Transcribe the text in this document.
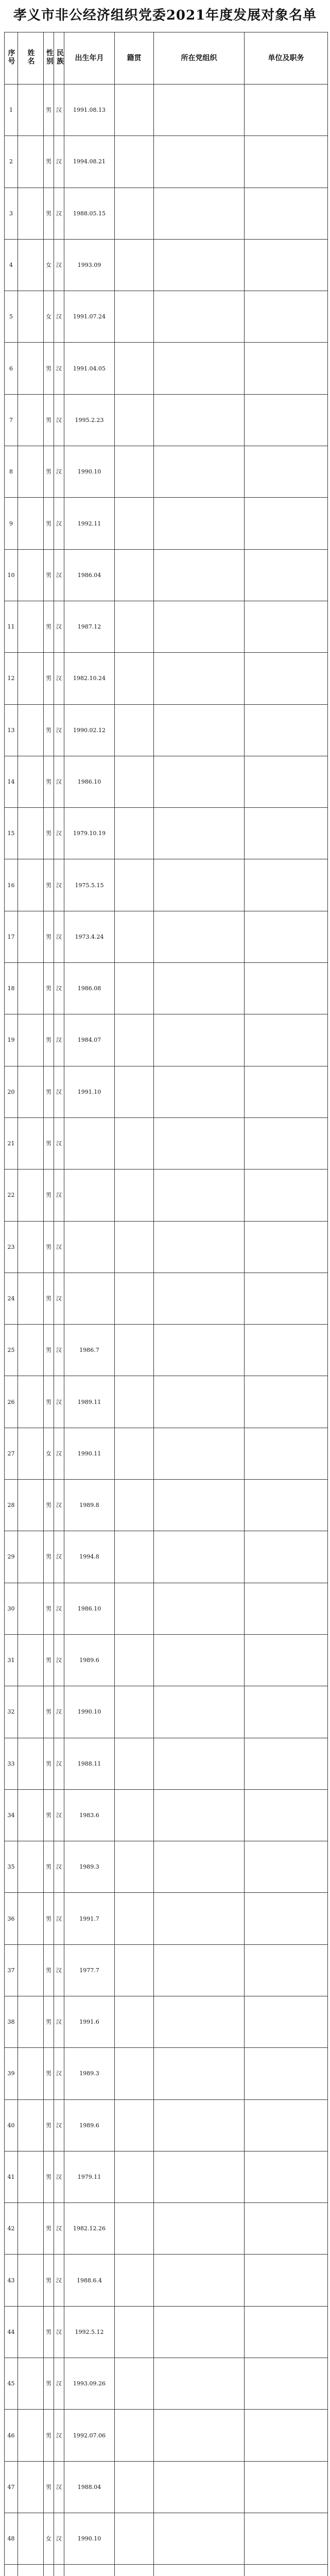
孝义市非公经济组织党委2021年度发展对象名单
序号	姓名	性别	民族	出生年月	籍贯	所在党组织	单位及职务
1		男	汉	1991.08.13			
2		男	汉	1994.08.21			
3		男	汉	1988.05.15			
4		女	汉	1993.09			
5		女	汉	1991.07.24			
6		男	汉	1991.04.05			
7		男	汉	1995.2.23			
8		男	汉	1990.10			
9		男	汉	1992.11			
10		男	汉	1986.04			
11		男	汉	1987.12			
12		男	汉	1982.10.24			
13		男	汉	1990.02.12			
14		男	汉	1986.10			
15		男	汉	1979.10.19			
16		男	汉	1975.5.15			
17		男	汉	1973.4.24			
18		男	汉	1986.08			
19		男	汉	1984.07			
20		男	汉	1991.10			
21		男	汉				
22		男	汉				
23		男	汉				
24		男	汉				
25		男	汉	1986.7			
26		男	汉	1989.11			
27		女	汉	1990.11			
28		男	汉	1989.8			
29		男	汉	1994.8			
30		男	汉	1986.10			
31		男	汉	1989.6			
32		男	汉	1990.10			
33		男	汉	1988.11			
34		男	汉	1983.6			
35		男	汉	1989.3			
36		男	汉	1991.7			
37		男	汉	1977.7			
38		男	汉	1991.6			
39		男	汉	1989.3			
40		男	汉	1989.6			
41		男	汉	1979.11			
42		男	汉	1982.12.26			
43		男	汉	1988.6.4			
44		男	汉	1992.5.12			
45		男	汉	1993.09.26			
46		男	汉	1992.07.06			
47		男	汉	1988.04			
48		女	汉	1990.10			
